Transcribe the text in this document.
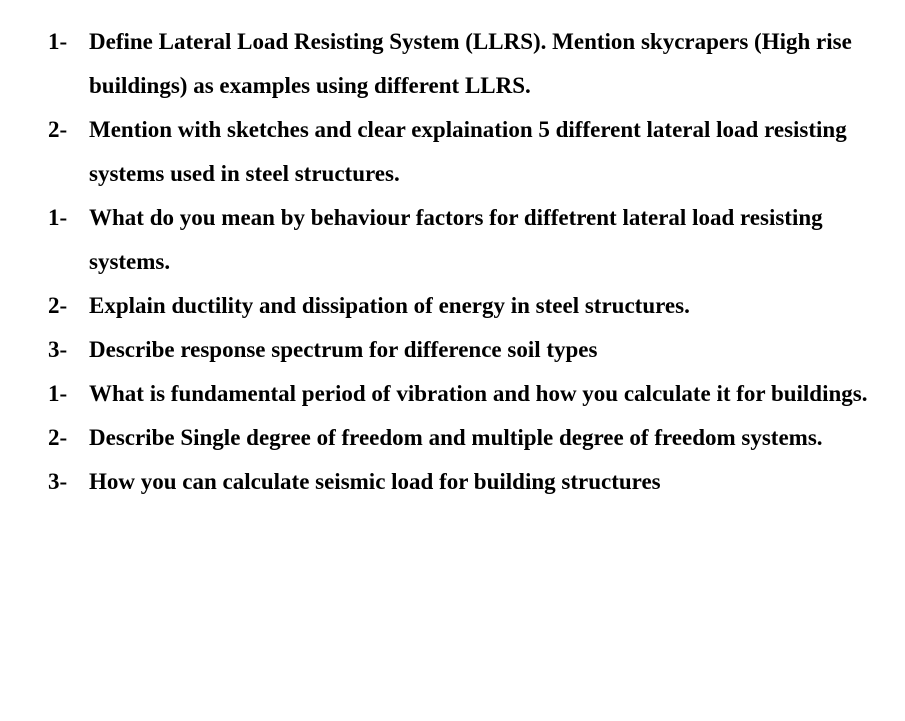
1- Define Lateral Load Resisting System (LLRS). Mention skycrapers (High rise buildings) as examples using different LLRS.
2- Mention with sketches and clear explaination 5 different lateral load resisting systems used in steel structures.
1- What do you mean by behaviour factors for diffetrent lateral load resisting systems.
2- Explain ductility and dissipation of energy in steel structures.
3- Describe response spectrum for difference soil types
1- What is fundamental period of vibration and how you calculate it for buildings.
2- Describe Single degree of freedom and multiple degree of freedom systems.
3- How you can calculate seismic load for building structures
